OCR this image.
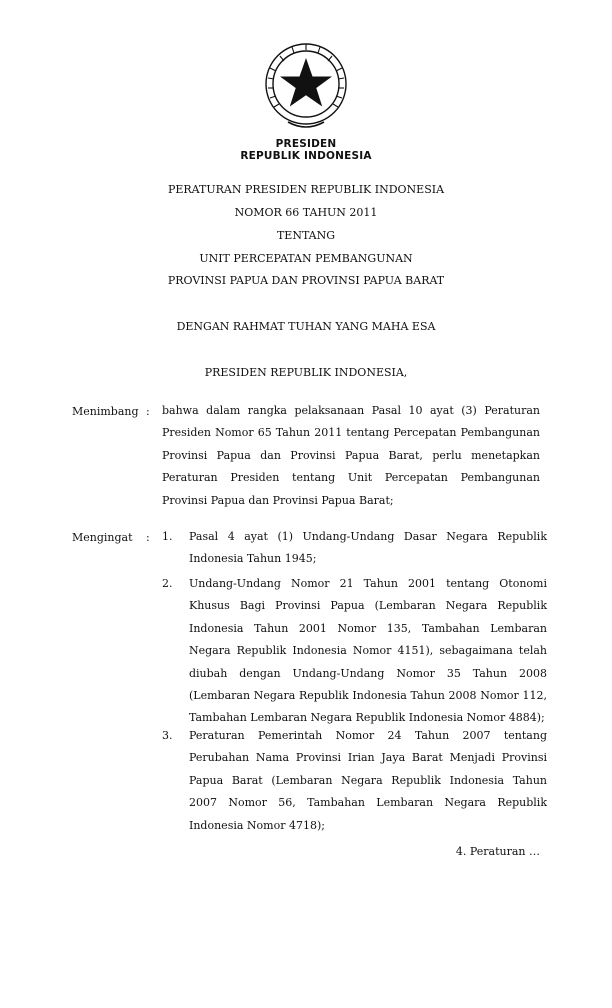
PRESIDEN
REPUBLIK INDONESIA
PERATURAN PRESIDEN REPUBLIK INDONESIA
NOMOR 66 TAHUN 2011
TENTANG
UNIT PERCEPATAN PEMBANGUNAN
PROVINSI PAPUA DAN PROVINSI PAPUA BARAT
DENGAN RAHMAT TUHAN YANG MAHA ESA
PRESIDEN REPUBLIK INDONESIA,
Menimbang : bahwa dalam rangka pelaksanaan Pasal 10 ayat (3) Peraturan Presiden Nomor 65 Tahun 2011 tentang Percepatan Pembangunan Provinsi Papua dan Provinsi Papua Barat, perlu menetapkan Peraturan Presiden tentang Unit Percepatan Pembangunan Provinsi Papua dan Provinsi Papua Barat;

Mengingat : 1. Pasal 4 ayat (1) Undang-Undang Dasar Negara Republik Indonesia Tahun 1945;

2. Undang-Undang Nomor 21 Tahun 2001 tentang Otonomi Khusus Bagi Provinsi Papua (Lembaran Negara Republik Indonesia Tahun 2001 Nomor 135, Tambahan Lembaran Negara Republik Indonesia Nomor 4151), sebagaimana telah diubah dengan Undang-Undang Nomor 35 Tahun 2008 (Lembaran Negara Republik Indonesia Tahun 2008 Nomor 112, Tambahan Lembaran Negara Republik Indonesia Nomor 4884);

3. Peraturan Pemerintah Nomor 24 Tahun 2007 tentang Perubahan Nama Provinsi Irian Jaya Barat Menjadi Provinsi Papua Barat (Lembaran Negara Republik Indonesia Tahun 2007 Nomor 56, Tambahan Lembaran Negara Republik Indonesia Nomor 4718);

4. Peraturan …
